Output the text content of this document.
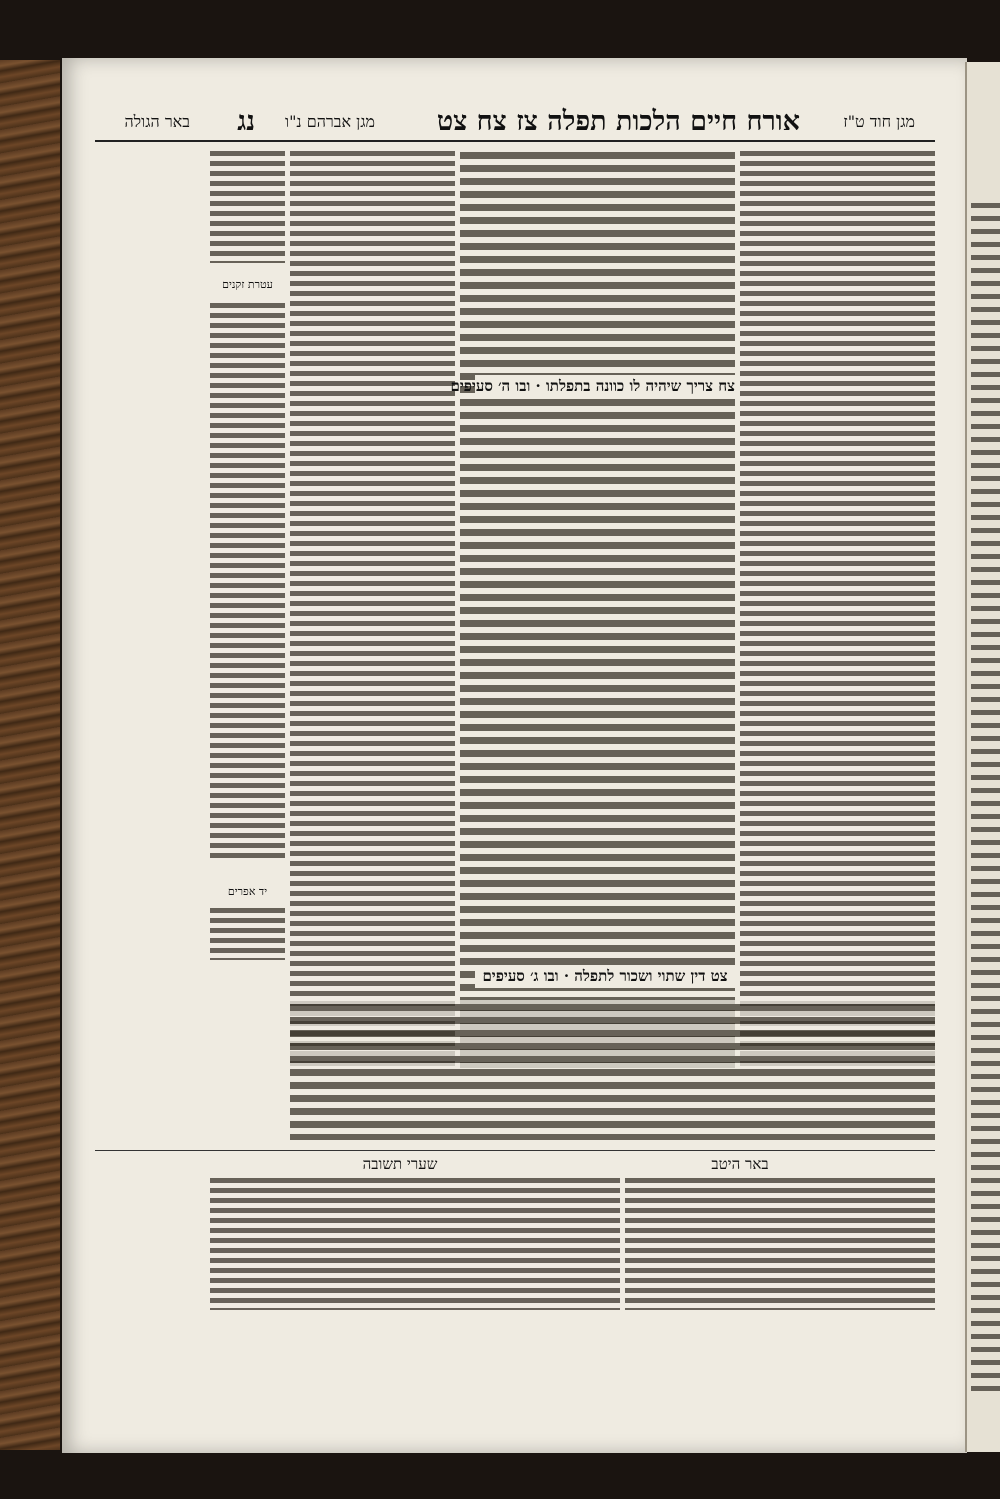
מגן חוד ט"ז
אורח חיים הלכות תפלה צז צח צט
מגן אברהם נ"ו
נג
באר הגולה
צח צריך שיהיה לו כוונה בתפלתו · ובו ה׳ סעיפים
צט דין שתוי ושכור לתפלה · ובו ג׳ סעיפים
עטרת זקנים
יד אפרים
באר היטב
שערי תשובה
